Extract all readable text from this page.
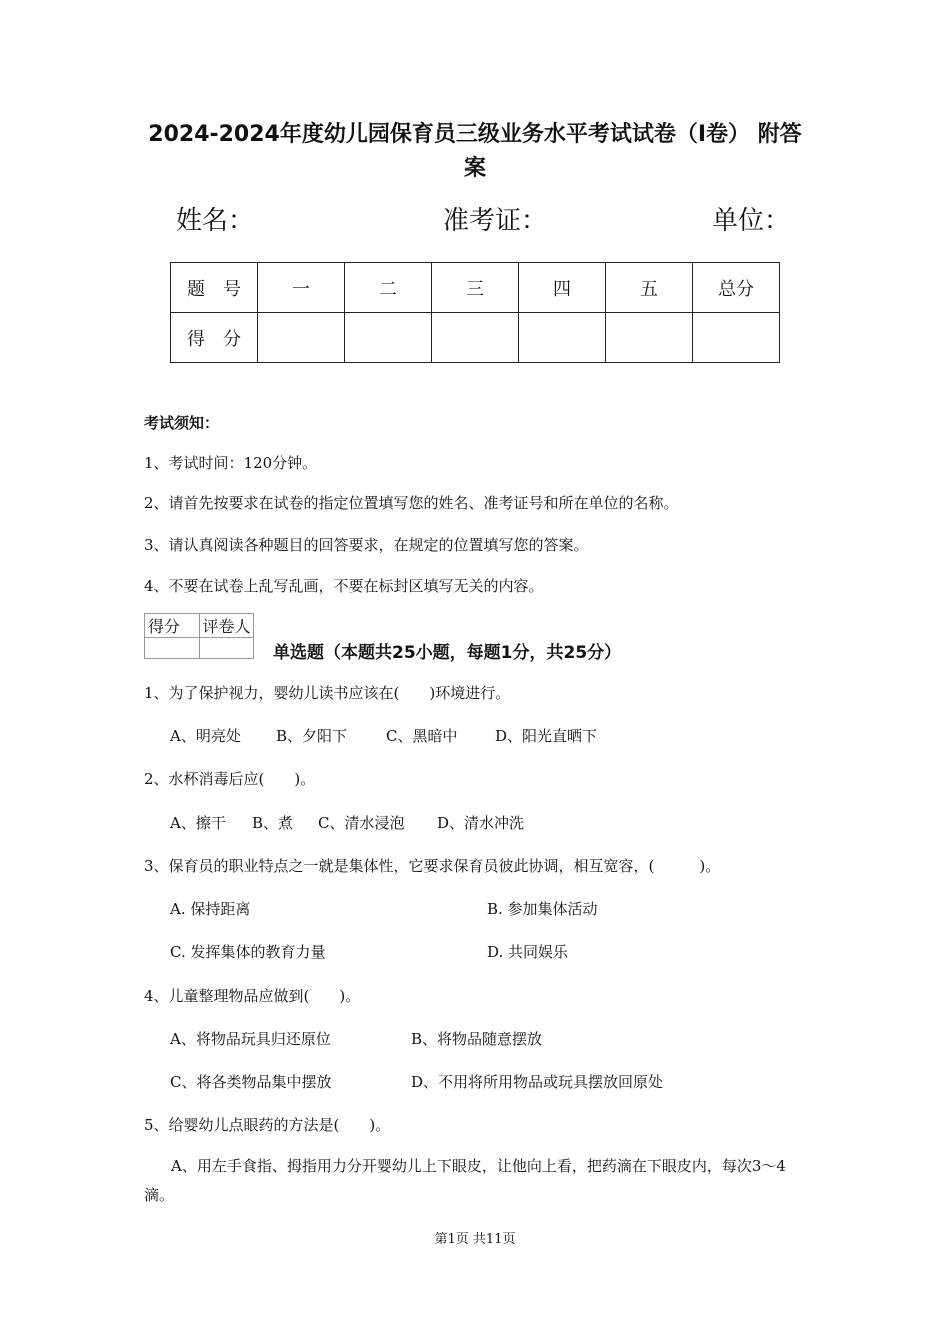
2024-2024年度幼儿园保育员三级业务水平考试试卷（I卷） 附答案
姓名：	准考证：	单位：
题　号	一	二	三	四	五	总分
得　分						
考试须知：
1、考试时间：120分钟。
2、请首先按要求在试卷的指定位置填写您的姓名、准考证号和所在单位的名称。
3、请认真阅读各种题目的回答要求，在规定的位置填写您的答案。
4、不要在试卷上乱写乱画，不要在标封区填写无关的内容。
得分	评卷人

单选题（本题共25小题，每题1分，共25分）
1、为了保护视力，婴幼儿读书应该在(　　)环境进行。
A、明亮处 B、夕阳下	C、黑暗中	D、阳光直晒下
2、水杯消毒后应(　　)。
A、擦干 B、煮 C、清水浸泡 D、清水冲洗
3、保育员的职业特点之一就是集体性，它要求保育员彼此协调，相互宽容，(　　　)。
A. 保持距离	B. 参加集体活动
C. 发挥集体的教育力量	D. 共同娱乐
4、儿童整理物品应做到(　　)。
A、将物品玩具归还原位	B、将物品随意摆放
C、将各类物品集中摆放	D、不用将所用物品或玩具摆放回原处
5、给婴幼儿点眼药的方法是(　　)。
A、用左手食指、拇指用力分开婴幼儿上下眼皮，让他向上看，把药滴在下眼皮内，每次3～4滴。
第1页 共11页
